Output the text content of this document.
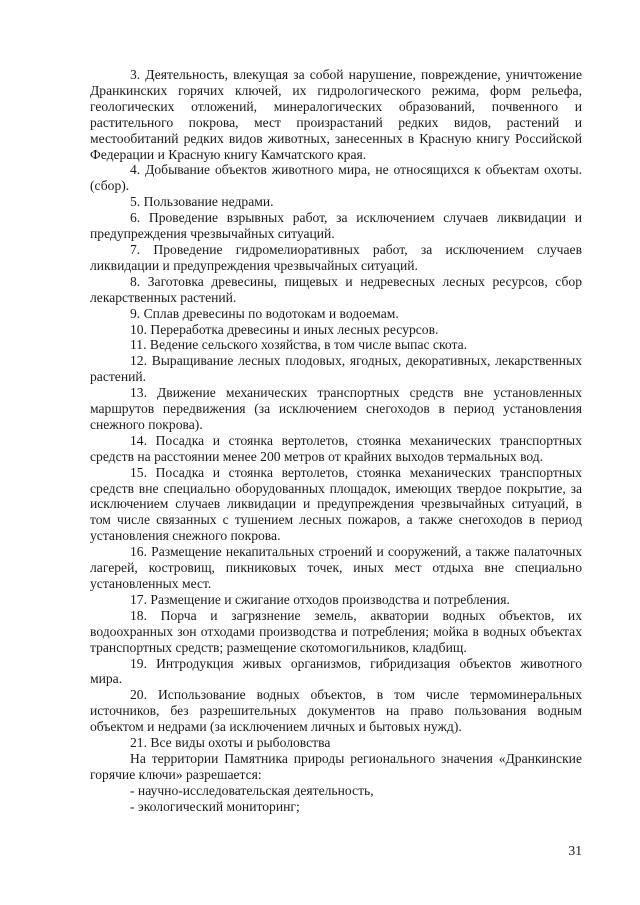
3. Деятельность, влекущая за собой нарушение, повреждение, уничтожение Дранкинских горячих ключей, их гидрологического режима, форм рельефа, геологических отложений, минералогических образований, почвенного и растительного покрова, мест произрастаний редких видов, растений и местообитаний редких видов животных, занесенных в Красную книгу Российской Федерации и Красную книгу Камчатского края.

4. Добывание объектов животного мира, не относящихся к объектам охоты. (сбор).

5. Пользование недрами.

6. Проведение взрывных работ, за исключением случаев ликвидации и предупреждения чрезвычайных ситуаций.

7. Проведение гидромелиоративных работ, за исключением случаев ликвидации и предупреждения чрезвычайных ситуаций.

8. Заготовка древесины, пищевых и недревесных лесных ресурсов, сбор лекарственных растений.

9. Сплав древесины по водотокам и водоемам.

10. Переработка древесины и иных лесных ресурсов.

11. Ведение сельского хозяйства, в том числе выпас скота.

12. Выращивание лесных плодовых, ягодных, декоративных, лекарственных растений.

13. Движение механических транспортных средств вне установленных маршрутов передвижения (за исключением снегоходов в период установления снежного покрова).

14. Посадка и стоянка вертолетов, стоянка механических транспортных средств на расстоянии менее 200 метров от крайних выходов термальных вод.

15. Посадка и стоянка вертолетов, стоянка механических транспортных средств вне специально оборудованных площадок, имеющих твердое покрытие, за исключением случаев ликвидации и предупреждения чрезвычайных ситуаций, в том числе связанных с тушением лесных пожаров, а также снегоходов в период установления снежного покрова.

16. Размещение некапитальных строений и сооружений, а также палаточных лагерей, костровищ, пикниковых точек, иных мест отдыха вне специально установленных мест.

17. Размещение и сжигание отходов производства и потребления.

18. Порча и загрязнение земель, акватории водных объектов, их водоохранных зон отходами производства и потребления; мойка в водных объектах транспортных средств; размещение скотомогильников, кладбищ.

19. Интродукция живых организмов, гибридизация объектов животного мира.

20. Использование водных объектов, в том числе термоминеральных источников, без разрешительных документов на право пользования водным объектом и недрами (за исключением личных и бытовых нужд).

21. Все виды охоты и рыболовства

На территории Памятника природы регионального значения «Дранкинские горячие ключи» разрешается:

- научно-исследовательская деятельность,

- экологический мониторинг;

31
